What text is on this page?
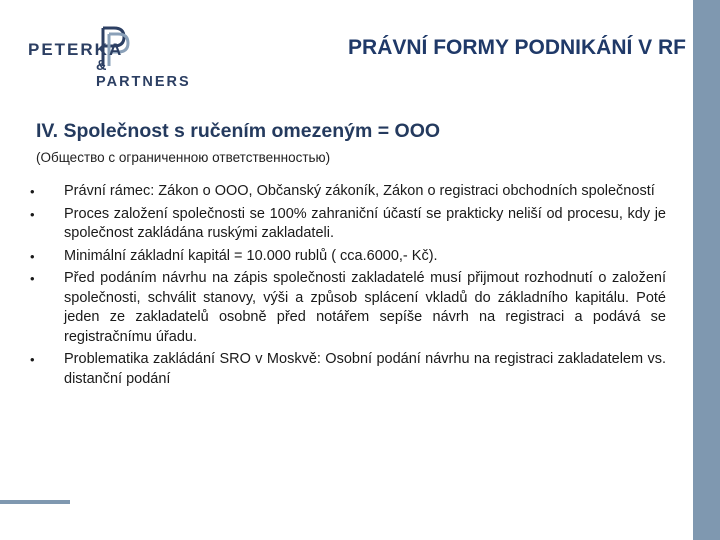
PETERKA
& PARTNERS
PRÁVNÍ FORMY PODNIKÁNÍ V RF
IV. Společnost s ručením omezeným = OOO
(Общество с ограниченною ответственностью)
• Právní rámec: Zákon o OOO, Občanský zákoník, Zákon o registraci obchodních společností
• Proces založení společnosti se 100% zahraniční účastí se prakticky neliší od procesu, kdy je společnost zakládána ruskými zakladateli.
• Minimální základní kapitál = 10.000 rublů ( cca.6000,- Kč).
• Před podáním návrhu na zápis společnosti zakladatelé musí přijmout rozhodnutí o založení společnosti, schválit stanovy, výši a způsob splácení vkladů do základního kapitálu. Poté jeden ze zakladatelů osobně před notářem sepíše návrh na registraci a podává se registračnímu úřadu.
• Problematika zakládání SRO v Moskvě: Osobní podání návrhu na registraci zakladatelem vs. distanční podání
